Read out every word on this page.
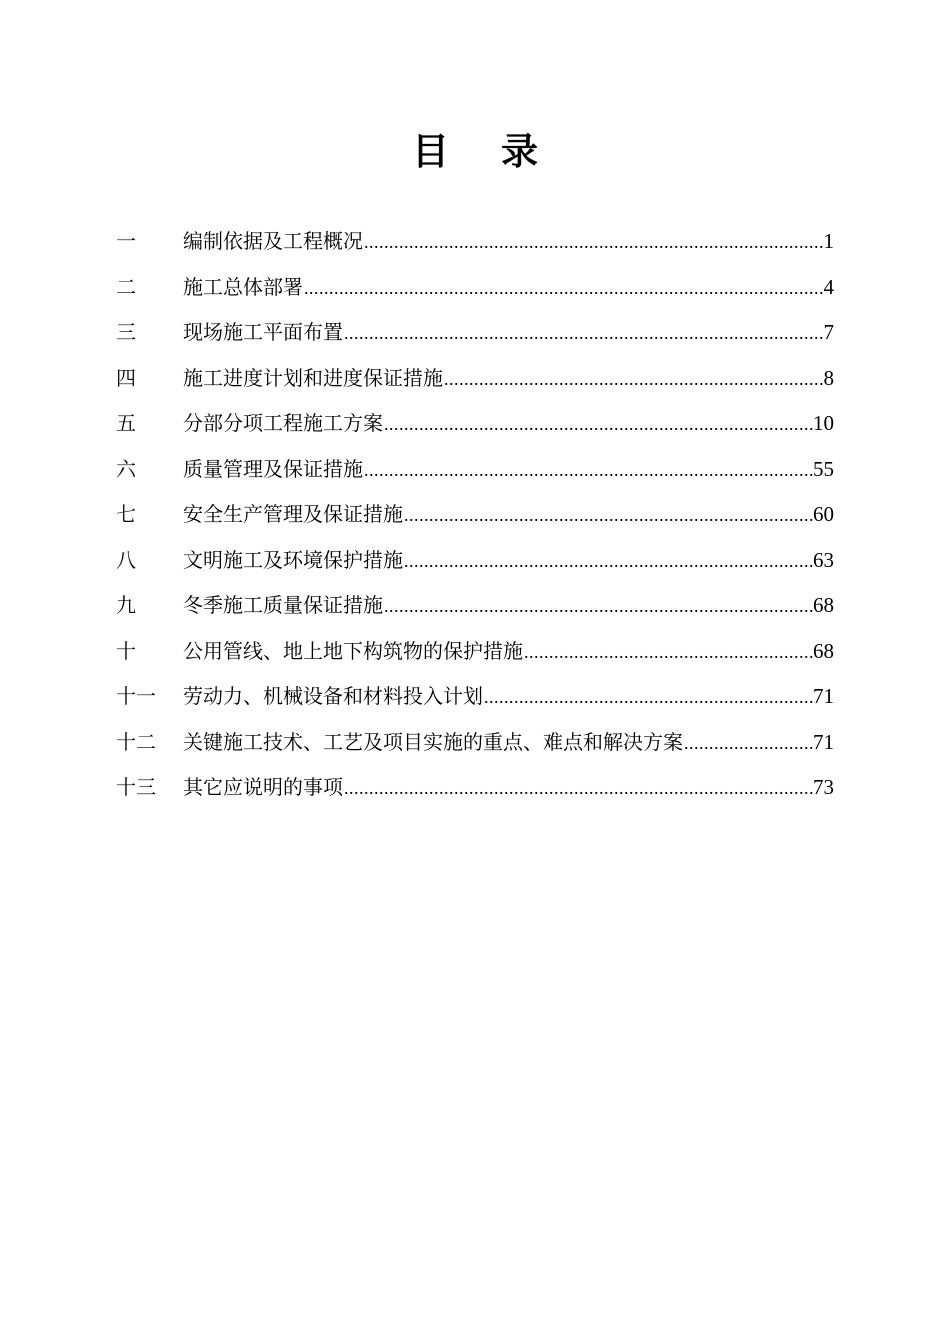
目录
一	编制依据及工程概况 .....	1
二	施工总体部署 .....	4
三	现场施工平面布置 .....	7
四	施工进度计划和进度保证措施 .....	8
五	分部分项工程施工方案 .....	10
六	质量管理及保证措施 .....	55
七	安全生产管理及保证措施 .....	60
八	文明施工及环境保护措施 .....	63
九	冬季施工质量保证措施 .....	68
十	公用管线、地上地下构筑物的保护措施 .....	68
十一	劳动力、机械设备和材料投入计划 .....	71
十二	关键施工技术、工艺及项目实施的重点、难点和解决方案 .....	71
十三	其它应说明的事项 .....	73
